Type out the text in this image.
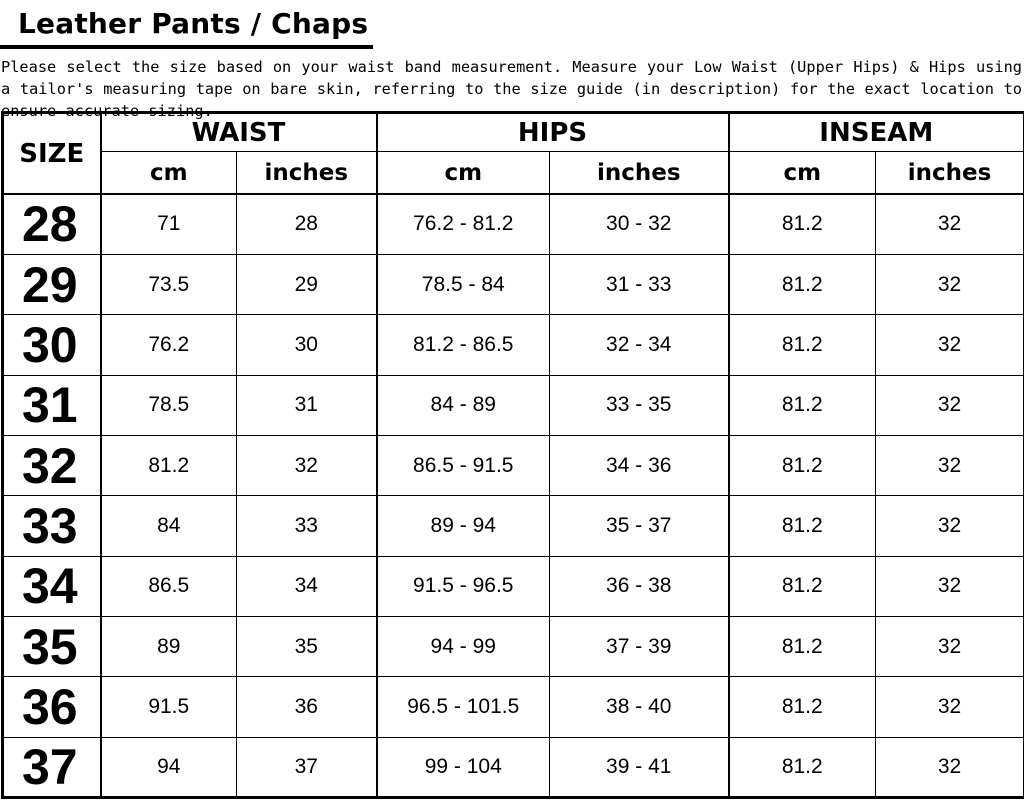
Leather Pants / Chaps

Please select the size based on your waist band measurement. Measure your Low Waist (Upper Hips) & Hips using a tailor's measuring tape on bare skin, referring to the size guide (in description) for the exact location to ensure accurate sizing.

SIZE	WAIST		HIPS		INSEAM	
	cm	inches	cm	inches	cm	inches
28	71	28	76.2 - 81.2	30 - 32	81.2	32
29	73.5	29	78.5 - 84	31 - 33	81.2	32
30	76.2	30	81.2 - 86.5	32 - 34	81.2	32
31	78.5	31	84 - 89	33 - 35	81.2	32
32	81.2	32	86.5 - 91.5	34 - 36	81.2	32
33	84	33	89 - 94	35 - 37	81.2	32
34	86.5	34	91.5 - 96.5	36 - 38	81.2	32
35	89	35	94 - 99	37 - 39	81.2	32
36	91.5	36	96.5 - 101.5	38 - 40	81.2	32
37	94	37	99 - 104	39 - 41	81.2	32
